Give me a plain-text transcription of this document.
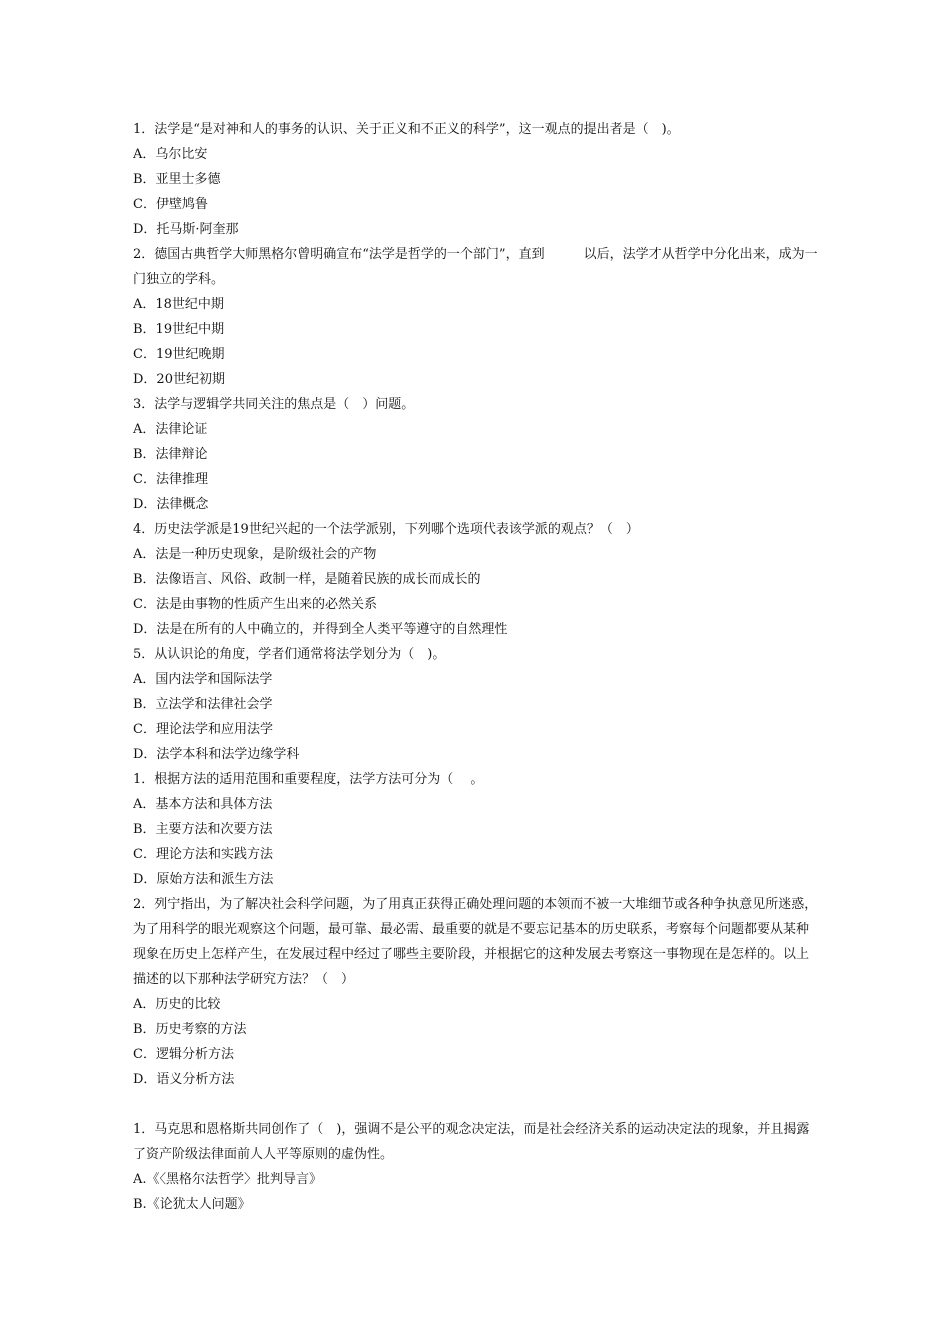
1．法学是“是对神和人的事务的认识、关于正义和不正义的科学”，这一观点的提出者是（　)。
A．乌尔比安
B．亚里士多德
C．伊壁鸠鲁
D．托马斯·阿奎那
2．德国古典哲学大师黑格尔曾明确宣布“法学是哲学的一个部门”，直到　　　以后，法学才从哲学中分化出来，成为一门独立的学科。
A．18世纪中期
B．19世纪中期
C．19世纪晚期
D．20世纪初期
3．法学与逻辑学共同关注的焦点是（　）问题。
A．法律论证
B．法律辩论
C．法律推理
D．法律概念
4．历史法学派是19世纪兴起的一个法学派别，下列哪个选项代表该学派的观点？（　）
A．法是一种历史现象，是阶级社会的产物
B．法像语言、风俗、政制一样，是随着民族的成长而成长的
C．法是由事物的性质产生出来的必然关系
D．法是在所有的人中确立的，并得到全人类平等遵守的自然理性
5．从认识论的角度，学者们通常将法学划分为（　)。
A．国内法学和国际法学
B．立法学和法律社会学
C．理论法学和应用法学
D．法学本科和法学边缘学科
1．根据方法的适用范围和重要程度，法学方法可分为（　 。
A．基本方法和具体方法
B．主要方法和次要方法
C．理论方法和实践方法
D．原始方法和派生方法
2．列宁指出，为了解决社会科学问题，为了用真正获得正确处理问题的本领而不被一大堆细节或各种争执意见所迷惑，为了用科学的眼光观察这个问题，最可靠、最必需、最重要的就是不要忘记基本的历史联系，考察每个问题都要从某种现象在历史上怎样产生，在发展过程中经过了哪些主要阶段，并根据它的这种发展去考察这一事物现在是怎样的。以上描述的以下那种法学研究方法？（　）
A．历史的比较
B．历史考察的方法
C．逻辑分析方法
D．语义分析方法
1．马克思和恩格斯共同创作了（　)，强调不是公平的观念决定法，而是社会经济关系的运动决定法的现象，并且揭露了资产阶级法律面前人人平等原则的虚伪性。
A.《〈黑格尔法哲学〉批判导言》
B.《论犹太人问题》
